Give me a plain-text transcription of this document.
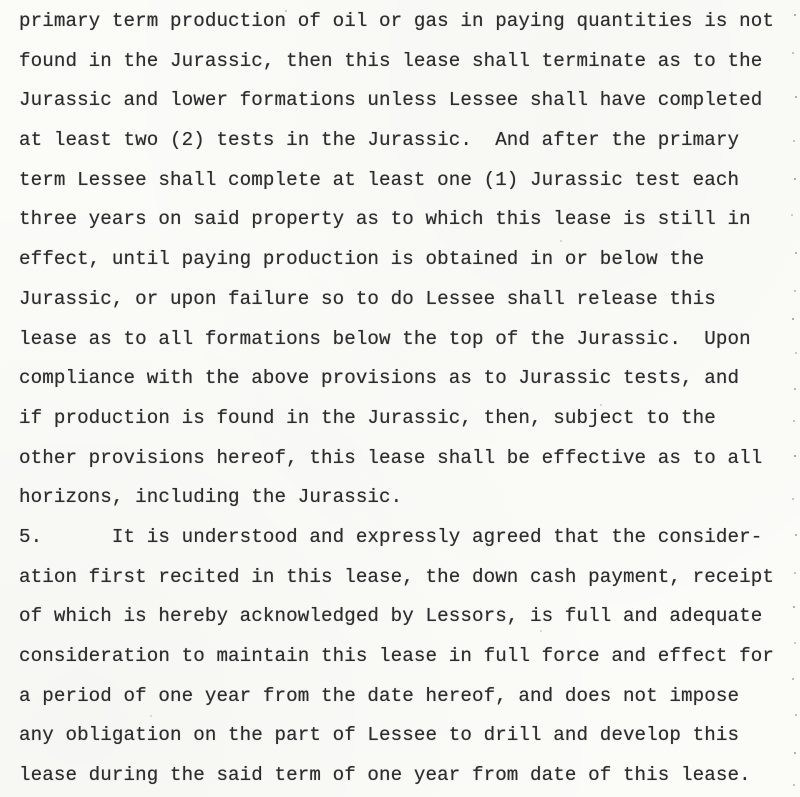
primary term production of oil or gas in paying quantities is not
found in the Jurassic, then this lease shall terminate as to the
Jurassic and lower formations unless Lessee shall have completed
at least two (2) tests in the Jurassic.  And after the primary
term Lessee shall complete at least one (1) Jurassic test each
three years on said property as to which this lease is still in
effect, until paying production is obtained in or below the
Jurassic, or upon failure so to do Lessee shall release this
lease as to all formations below the top of the Jurassic.  Upon
compliance with the above provisions as to Jurassic tests, and
if production is found in the Jurassic, then, subject to the
other provisions hereof, this lease shall be effective as to all
horizons, including the Jurassic.
5.      It is understood and expressly agreed that the consider-
ation first recited in this lease, the down cash payment, receipt
of which is hereby acknowledged by Lessors, is full and adequate
consideration to maintain this lease in full force and effect for
a period of one year from the date hereof, and does not impose
any obligation on the part of Lessee to drill and develop this
lease during the said term of one year from date of this lease.
